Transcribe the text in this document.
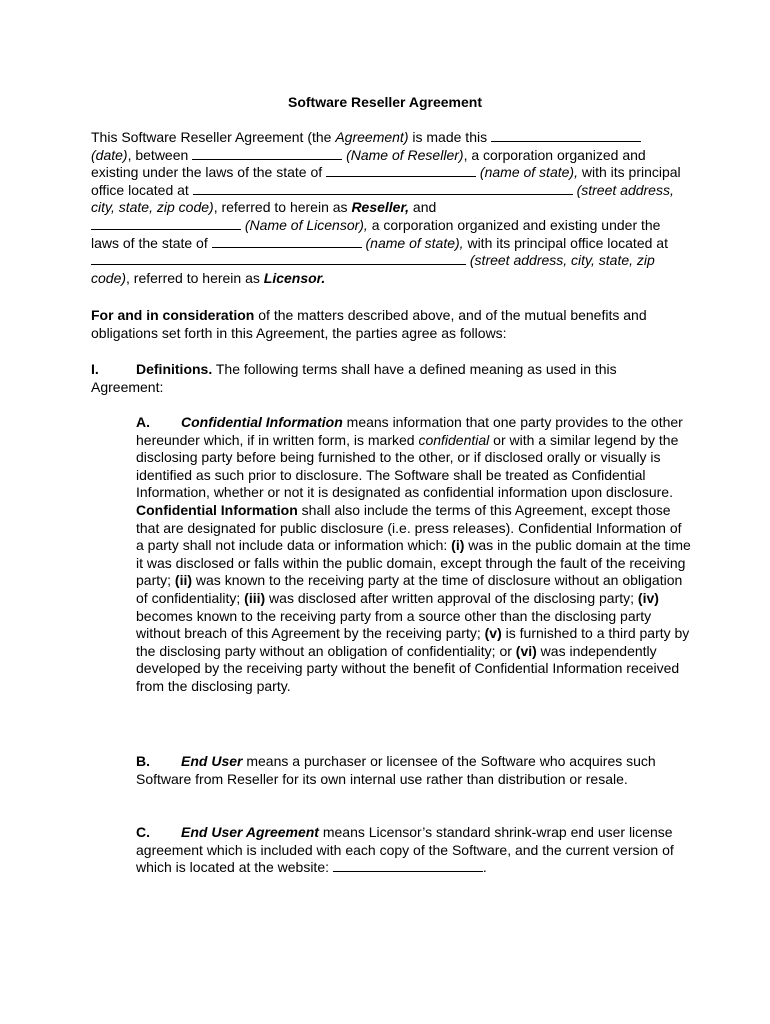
Software Reseller Agreement
This Software Reseller Agreement (the Agreement) is made this
(date), between	(Name of Reseller), a corporation organized and existing under the laws of the state of	(name of state), with its principal office located at	(street address, city, state, zip code), referred to herein as Reseller, and
(Name of Licensor), a corporation organized and existing under the laws of the state of	(name of state), with its principal office located at  (street address, city, state, zip code), referred to herein as Licensor.
For and in consideration of the matters described above, and of the mutual benefits and obligations set forth in this Agreement, the parties agree as follows:
I.	Definitions. The following terms shall have a defined meaning as used in this Agreement:
A. Confidential Information means information that one party provides to the other hereunder which, if in written form, is marked confidential or with a similar legend by the disclosing party before being furnished to the other, or if disclosed orally or visually is identified as such prior to disclosure. The Software shall be treated as Confidential Information, whether or not it is designated as confidential information upon disclosure. Confidential Information shall also include the terms of this Agreement, except those that are designated for public disclosure (i.e. press releases). Confidential Information of a party shall not include data or information which: (i) was in the public domain at the time it was disclosed or falls within the public domain, except through the fault of the receiving party; (ii) was known to the receiving party at the time of disclosure without an obligation of confidentiality; (iii) was disclosed after written approval of the disclosing party; (iv) becomes known to the receiving party from a source other than the disclosing party without breach of this Agreement by the receiving party; (v) is furnished to a third party by the disclosing party without an obligation of confidentiality; or (vi) was independently developed by the receiving party without the benefit of Confidential Information received from the disclosing party.
B. End User means a purchaser or licensee of the Software who acquires such Software from Reseller for its own internal use rather than distribution or resale.
C. End User Agreement means Licensor’s standard shrink-wrap end user license agreement which is included with each copy of the Software, and the current version of which is located at the website:	.
